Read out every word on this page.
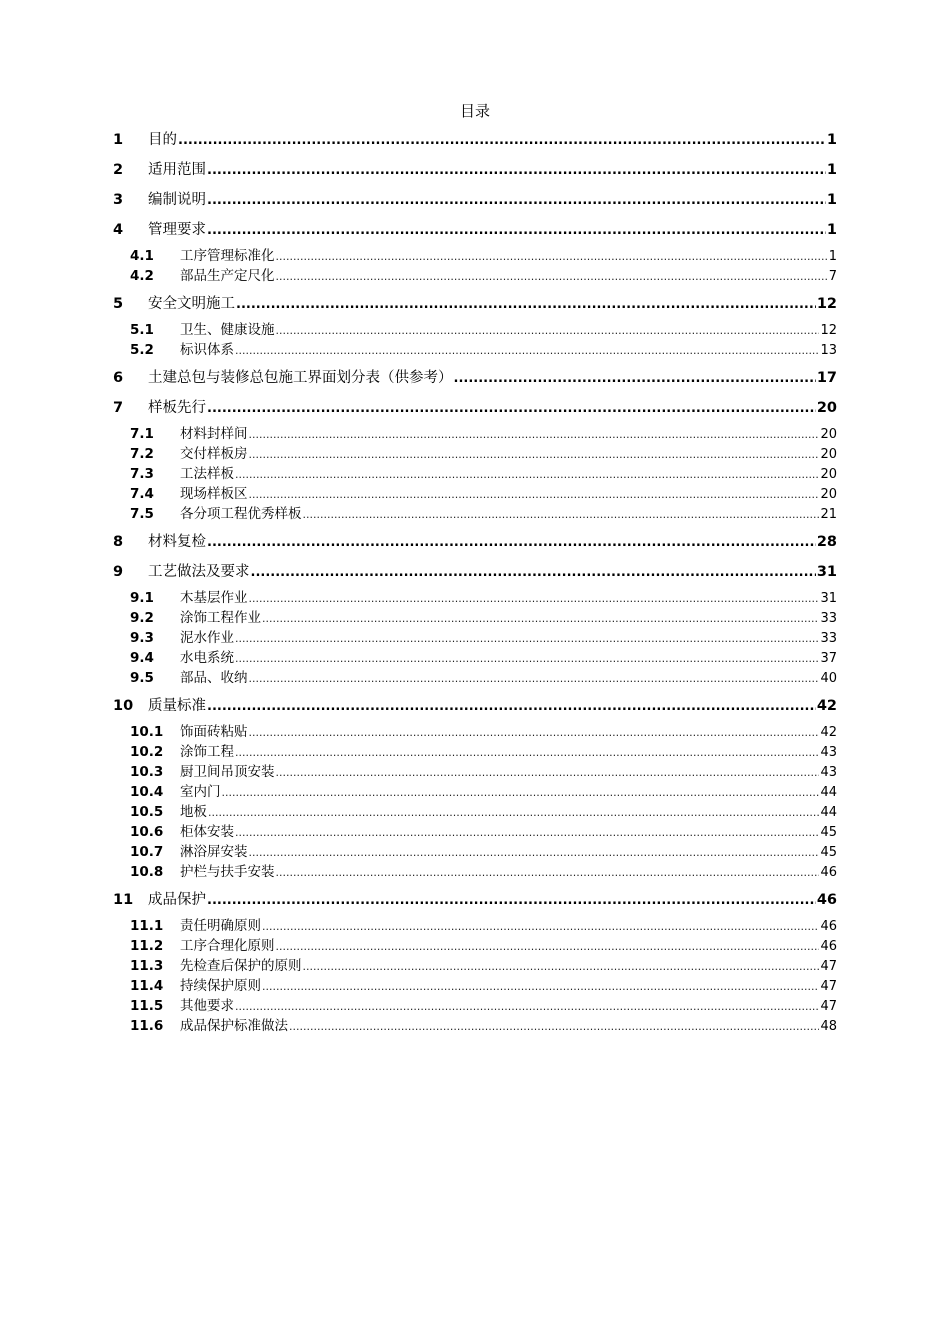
目录
1	目的 .....	1
2	适用范围 .....	1
3	编制说明 .....	1
4	管理要求 .....	1
4.1	工序管理标准化 .....	1
4.2	部品生产定尺化 .....	7
5	安全文明施工 .....	12
5.1	卫生、健康设施 .....	12
5.2	标识体系 .....	13
6	土建总包与装修总包施工界面划分表（供参考） .....	17
7	样板先行 .....	20
7.1	材料封样间 .....	20
7.2	交付样板房 .....	20
7.3	工法样板 .....	20
7.4	现场样板区 .....	20
7.5	各分项工程优秀样板 .....	21
8	材料复检 .....	28
9	工艺做法及要求 .....	31
9.1	木基层作业 .....	31
9.2	涂饰工程作业 .....	33
9.3	泥水作业 .....	33
9.4	水电系统 .....	37
9.5	部品、收纳 .....	40
10	质量标准 .....	42
10.1	饰面砖粘贴 .....	42
10.2	涂饰工程 .....	43
10.3	厨卫间吊顶安装 .....	43
10.4	室内门 .....	44
10.5	地板 .....	44
10.6	柜体安装 .....	45
10.7	淋浴屏安装 .....	45
10.8	护栏与扶手安装 .....	46
11	成品保护 .....	46
11.1	责任明确原则 .....	46
11.2	工序合理化原则 .....	46
11.3	先检查后保护的原则 .....	47
11.4	持续保护原则 .....	47
11.5	其他要求 .....	47
11.6	成品保护标准做法 .....	48
